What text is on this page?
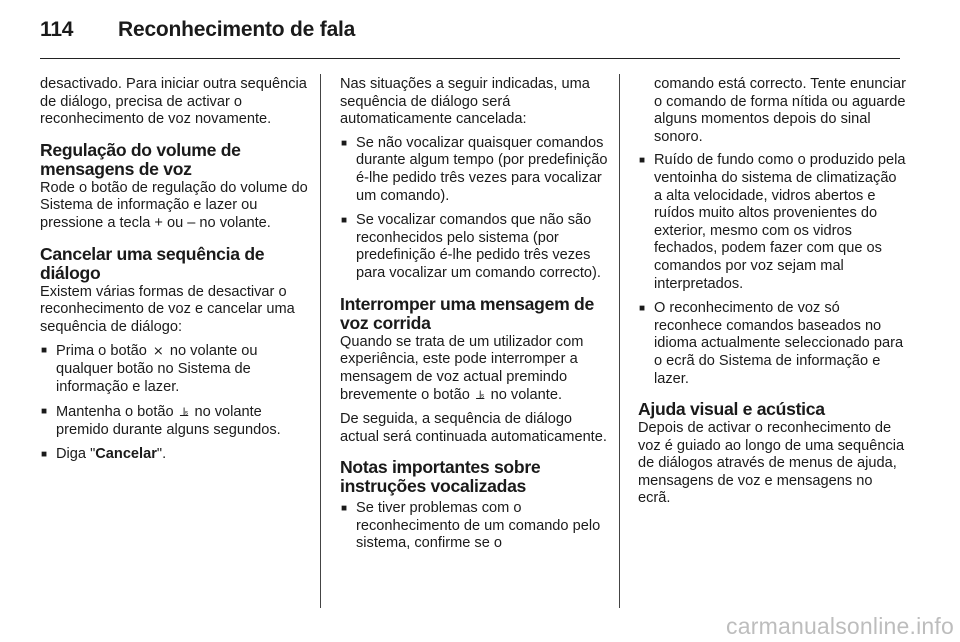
114 Reconhecimento de fala

desactivado. Para iniciar outra sequência de diálogo, precisa de activar o reconhecimento de voz novamente.

Regulação do volume de mensagens de voz

Rode o botão de regulação do volume do Sistema de informação e lazer ou pressione a tecla + ou – no volante.

Cancelar uma sequência de diálogo

Existem várias formas de desactivar o reconhecimento de voz e cancelar uma sequência de diálogo:

■ Prima o botão ⨯ no volante ou qualquer botão no Sistema de informação e lazer.
■ Mantenha o botão ⫡ no volante premido durante alguns segundos.
■ Diga "Cancelar".

Nas situações a seguir indicadas, uma sequência de diálogo será automaticamente cancelada:

■ Se não vocalizar quaisquer comandos durante algum tempo (por predefinição é-lhe pedido três vezes para vocalizar um comando).
■ Se vocalizar comandos que não são reconhecidos pelo sistema (por predefinição é-lhe pedido três vezes para vocalizar um comando correcto).
Interromper uma mensagem de voz corrida

Quando se trata de um utilizador com experiência, este pode interromper a mensagem de voz actual premindo brevemente o botão ⫡ no volante.

De seguida, a sequência de diálogo actual será continuada automaticamente.

Notas importantes sobre instruções vocalizadas
■ Se tiver problemas com o reconhecimento de um comando pelo sistema, confirme se o

comando está correcto. Tente enunciar o comando de forma nítida ou aguarde alguns momentos depois do sinal sonoro.

■ Ruído de fundo como o produzido pela ventoinha do sistema de climatização a alta velocidade, vidros abertos e ruídos muito altos provenientes do exterior, mesmo com os vidros fechados, podem fazer com que os comandos por voz sejam mal interpretados.
■ O reconhecimento de voz só reconhece comandos baseados no idioma actualmente seleccionado para o ecrã do Sistema de informação e lazer.
Ajuda visual e acústica

Depois de activar o reconhecimento de voz é guiado ao longo de uma sequência de diálogos através de menus de ajuda, mensagens de voz e mensagens no ecrã.

carmanualsonline.info
